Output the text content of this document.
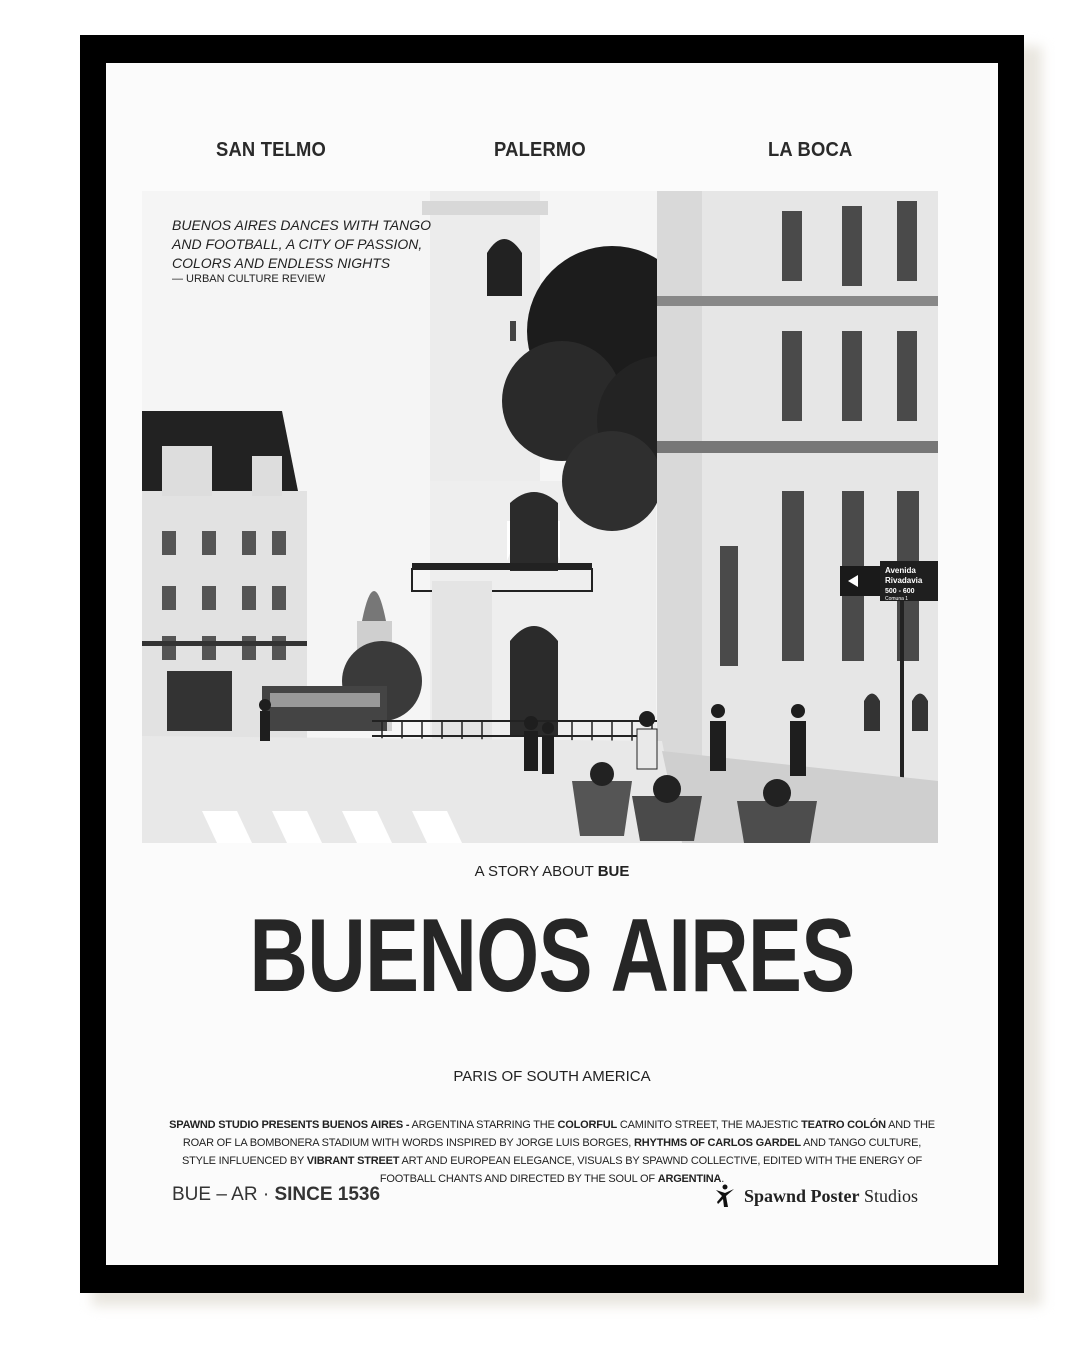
SAN TELMO	PALERMO	LA BOCA
Avenida
Rivadavia
500 - 600
Comuna 1
BUENOS AIRES DANCES WITH TANGO AND FOOTBALL, A CITY OF PASSION, COLORS AND ENDLESS NIGHTS
— URBAN CULTURE REVIEW
A STORY ABOUT BUE
BUENOS AIRES
PARIS OF SOUTH AMERICA
SPAWND STUDIO PRESENTS BUENOS AIRES - ARGENTINA STARRING THE COLORFUL CAMINITO STREET, THE MAJESTIC TEATRO COLÓN AND THE ROAR OF LA BOMBONERA STADIUM WITH WORDS INSPIRED BY JORGE LUIS BORGES, RHYTHMS OF CARLOS GARDEL AND TANGO CULTURE, STYLE INFLUENCED BY VIBRANT STREET ART AND EUROPEAN ELEGANCE, VISUALS BY SPAWND COLLECTIVE, EDITED WITH THE ENERGY OF FOOTBALL CHANTS AND DIRECTED BY THE SOUL OF ARGENTINA.
BUE – AR · SINCE 1536	Spawnd Poster Studios
